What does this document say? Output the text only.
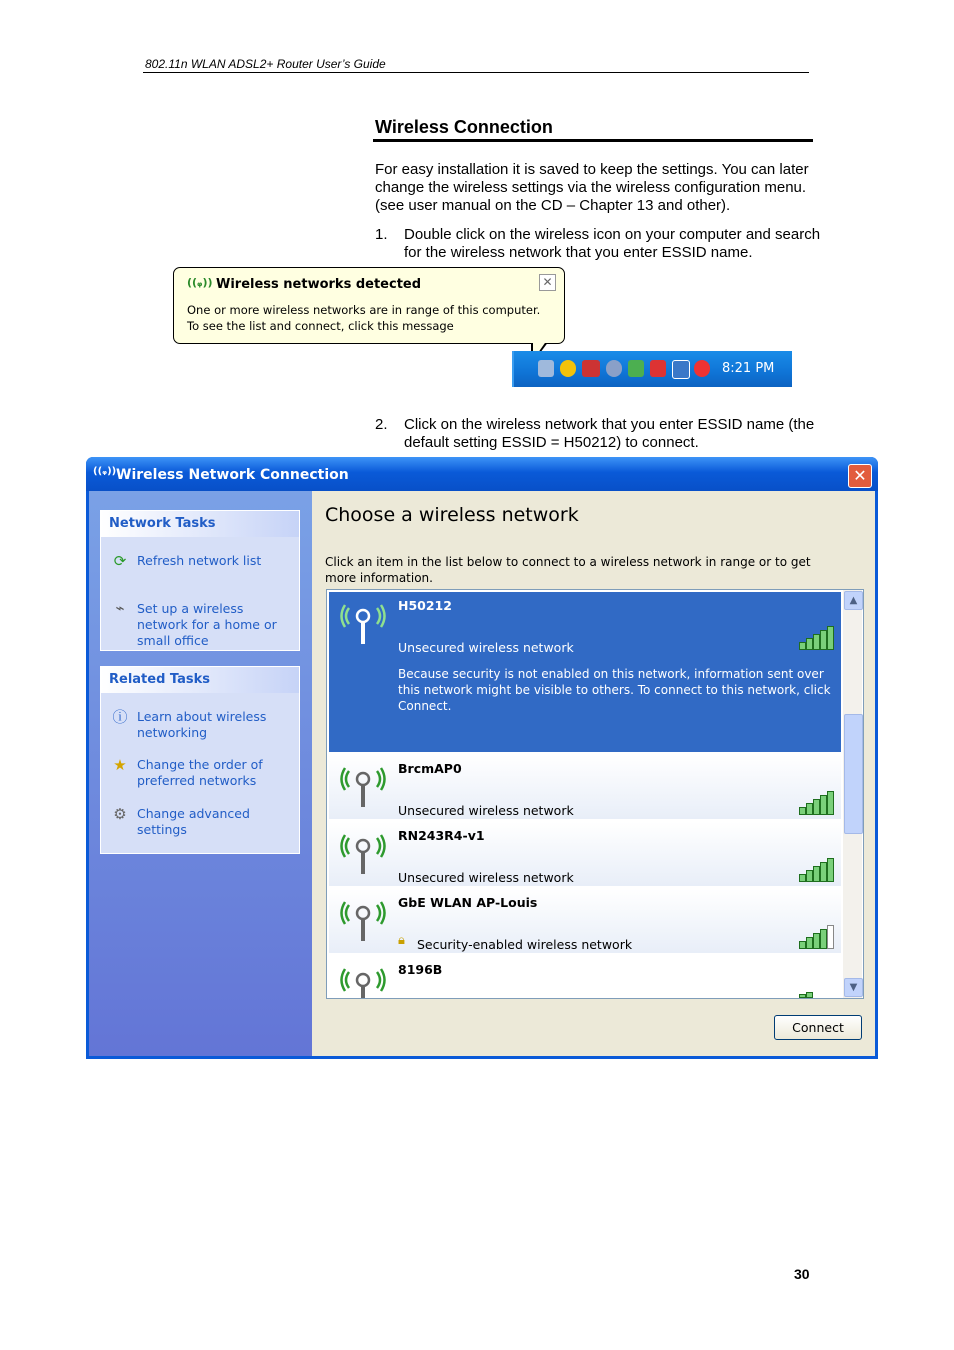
802.11n WLAN ADSL2+ Router User’s Guide
Wireless Connection
For easy installation it is saved to keep the settings. You can later change the wireless settings via the wireless configuration menu. (see user manual on the CD – Chapter 13 and other).
1. Double click on the wireless icon on your computer and search for the wireless network that you enter ESSID name.
((ᵩ)) Wireless networks detected	✕
One or more wireless networks are in range of this computer.
To see the list and connect, click this message
8:21 PM
2. Click on the wireless network that you enter ESSID name (the default setting ESSID = H50212) to connect.
((ᵩ)) Wireless Network Connection	✕
Network Tasks
⟳ Refresh network list
⌁ Set up a wireless network for a home or small office
Related Tasks
ⓘ Learn about wireless networking
★ Change the order of preferred networks
⚙ Change advanced settings
Choose a wireless network
Click an item in the list below to connect to a wireless network in range or to get more information.
H50212
Unsecured wireless network
Because security is not enabled on this network, information sent over this network might be visible to others. To connect to this network, click Connect.
BrcmAP0
Unsecured wireless network
RN243R4-v1
Unsecured wireless network
GbE WLAN AP-Louis
🔒︎ Security-enabled wireless network
8196B
▲
▼
Connect
30
